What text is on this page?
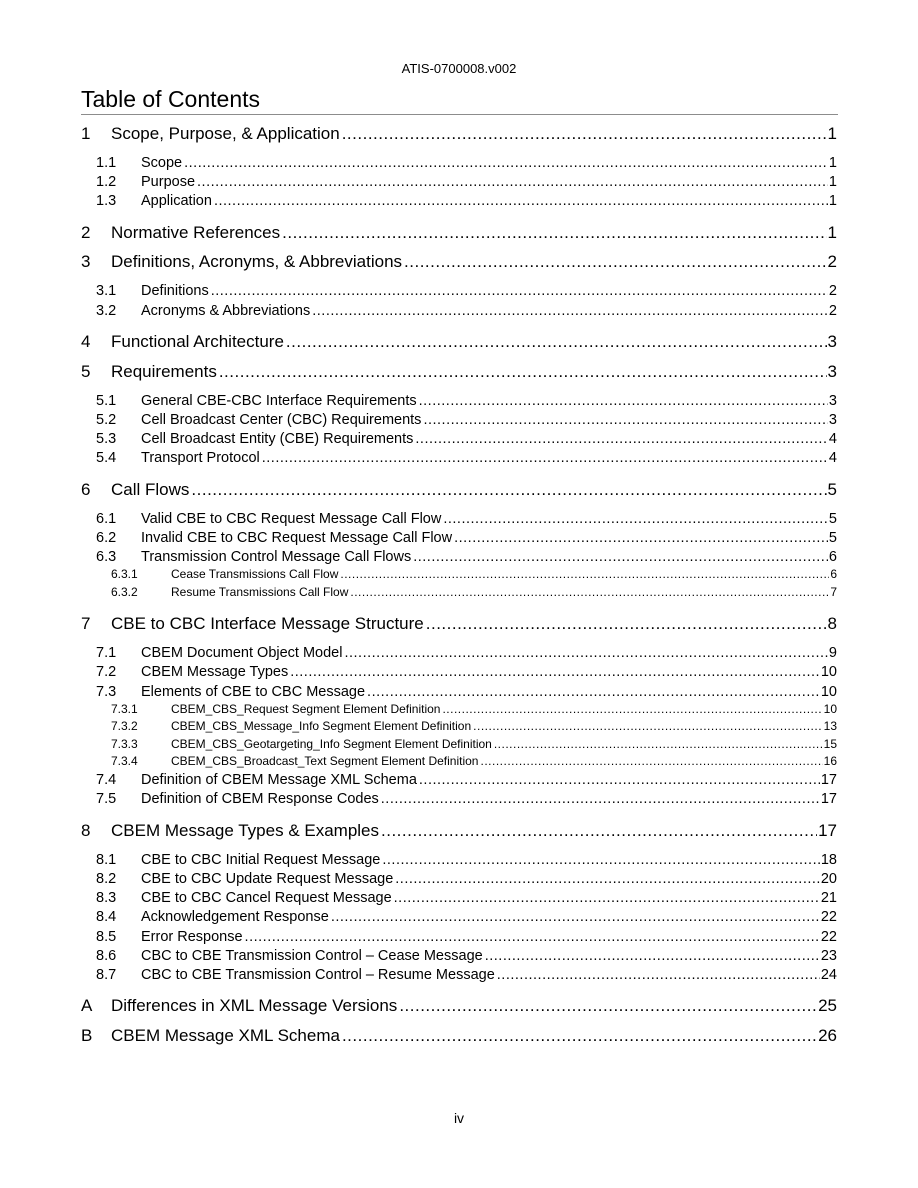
ATIS-0700008.v002
Table of Contents
1	Scope, Purpose, & Application .....	1
1.1	Scope .....	1
1.2	Purpose .....	1
1.3	Application .....	1
2	Normative References .....	1
3	Definitions, Acronyms, & Abbreviations .....	2
3.1	Definitions .....	2
3.2	Acronyms & Abbreviations .....	2
4	Functional Architecture .....	3
5	Requirements .....	3
5.1	General CBE-CBC Interface Requirements .....	3
5.2	Cell Broadcast Center (CBC) Requirements .....	3
5.3	Cell Broadcast Entity (CBE) Requirements .....	4
5.4	Transport Protocol .....	4
6	Call Flows .....	5
6.1	Valid CBE to CBC Request Message Call Flow .....	5
6.2	Invalid CBE to CBC Request Message Call Flow .....	5
6.3	Transmission Control Message Call Flows .....	6
6.3.1	Cease Transmissions Call Flow .....	6
6.3.2	Resume Transmissions Call Flow .....	7
7	CBE to CBC Interface Message Structure .....	8
7.1	CBEM Document Object Model .....	9
7.2	CBEM Message Types .....	10
7.3	Elements of CBE to CBC Message .....	10
7.3.1	CBEM_CBS_Request Segment Element Definition .....	10
7.3.2	CBEM_CBS_Message_Info Segment Element Definition .....	13
7.3.3	CBEM_CBS_Geotargeting_Info Segment Element Definition .....	15
7.3.4	CBEM_CBS_Broadcast_Text Segment Element Definition .....	16
7.4	Definition of CBEM Message XML Schema .....	17
7.5	Definition of CBEM Response Codes .....	17
8	CBEM Message Types & Examples .....	17
8.1	CBE to CBC Initial Request Message .....	18
8.2	CBE to CBC Update Request Message .....	20
8.3	CBE to CBC Cancel Request Message .....	21
8.4	Acknowledgement Response .....	22
8.5	Error Response .....	22
8.6	CBC to CBE Transmission Control – Cease Message .....	23
8.7	CBC to CBE Transmission Control – Resume Message .....	24
A	Differences in XML Message Versions .....	25
B	CBEM Message XML Schema .....	26
iv
